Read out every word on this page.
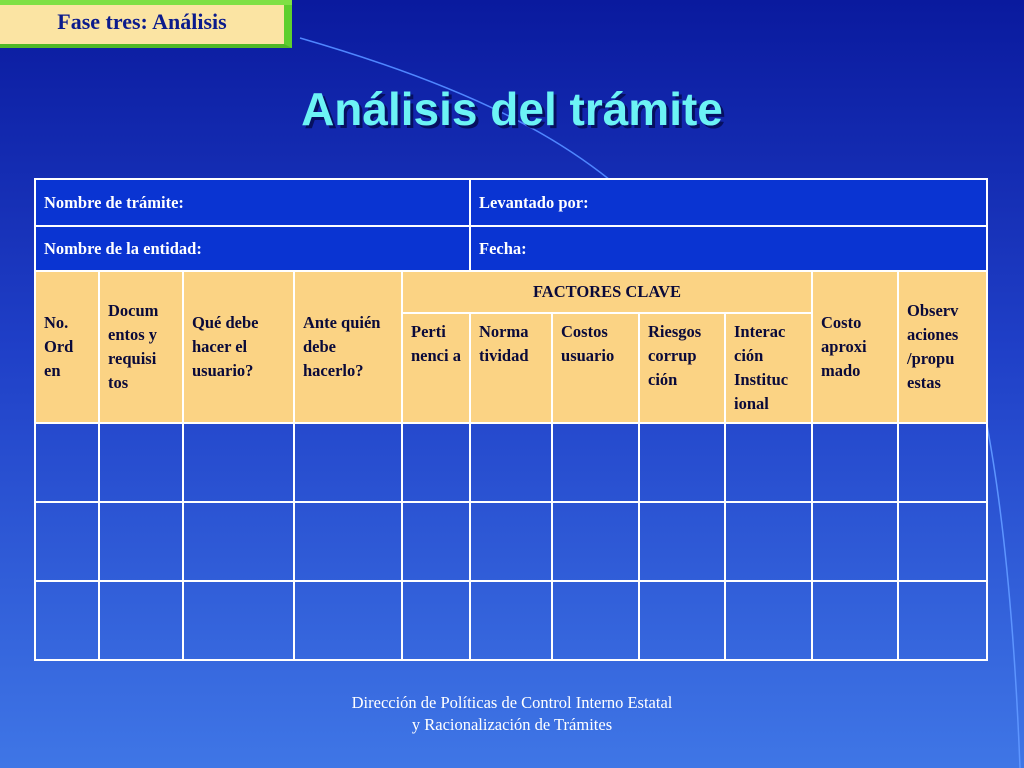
Fase tres: Análisis
Análisis del trámite
Nombre de trámite:					Levantado por:					
Nombre de la entidad:					Fecha:					
No. Ord en	Docum entos y requisi tos	Qué debe hacer el usuario?	Ante quién debe hacerlo?	FACTORES CLAVE					Costo aproxi mado	Observ aciones /propu estas
				Perti nenci a	Norma tividad	Costos usuario	Riesgos corrup ción	Interac ción Instituc ional		

Dirección de Políticas de Control Interno Estatal y Racionalización de Trámites
